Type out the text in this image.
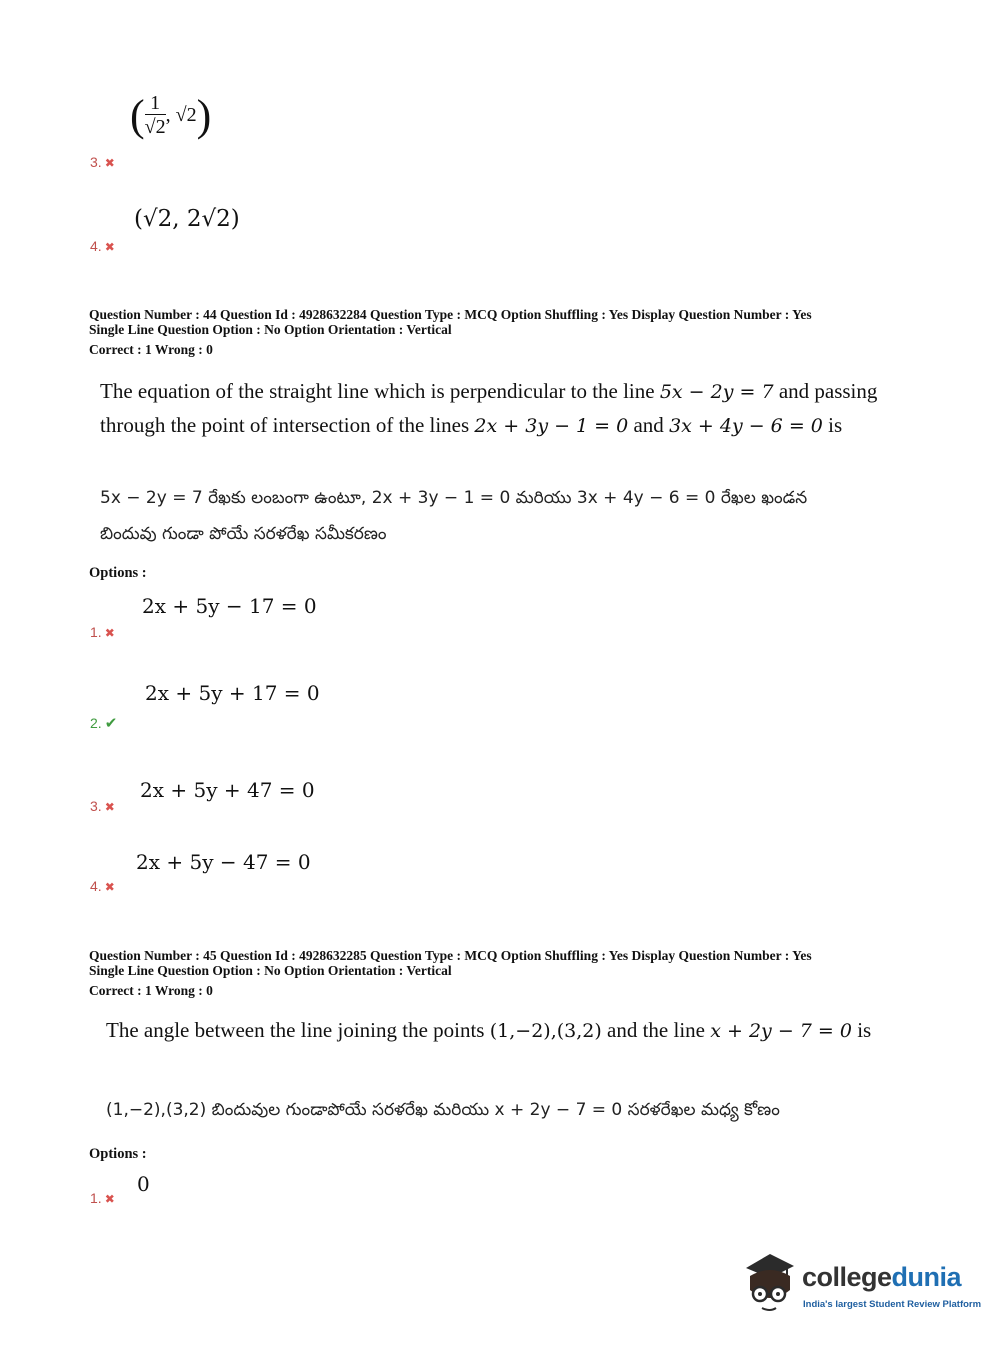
3. ✖
( $\frac{1}{√2}$ , √2)
4. ✖
(√2, 2√2)
Question Number : 44 Question Id : 4928632284 Question Type : MCQ Option Shuffling : Yes Display Question Number : Yes
Single Line Question Option : No Option Orientation : Vertical
Correct : 1 Wrong : 0
The equation of the straight line which is perpendicular to the line 5x − 2y = 7 and passing
through the point of intersection of the lines 2x + 3y − 1 = 0 and 3x + 4y − 6 = 0 is
5x − 2y = 7 రేఖకు లంబంగా ఉంటూ, 2x + 3y − 1 = 0 మరియు 3x + 4y − 6 = 0 రేఖల ఖండన
బిందువు గుండా పోయే సరళరేఖ సమీకరణం
Options :
2x + 5y − 17 = 0
1. ✖
2x + 5y + 17 = 0
2. ✔
2x + 5y + 47 = 0
3. ✖
2x + 5y − 47 = 0
4. ✖
Question Number : 45 Question Id : 4928632285 Question Type : MCQ Option Shuffling : Yes Display Question Number : Yes
Single Line Question Option : No Option Orientation : Vertical
Correct : 1 Wrong : 0
The angle between the line joining the points (1,−2),(3,2) and the line x + 2y − 7 = 0 is
(1,−2),(3,2) బిందువుల గుండాపోయే సరళరేఖ మరియు x + 2y − 7 = 0 సరళరేఖల మధ్య కోణం
Options :
0
1. ✖
collegedunia
India's largest Student Review Platform
